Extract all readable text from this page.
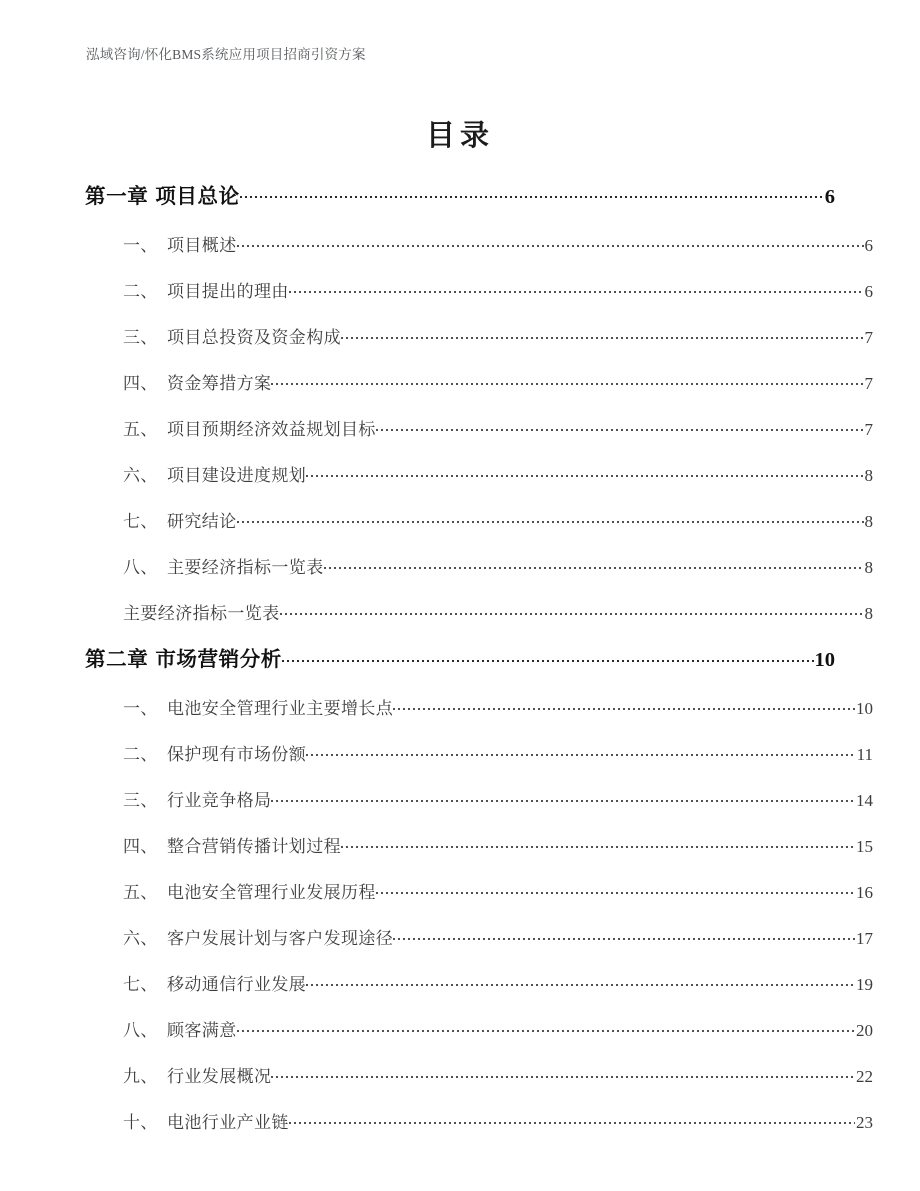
泓域咨询/怀化BMS系统应用项目招商引资方案
目录
第一章 项目总论	6
一、 项目概述	6
二、 项目提出的理由	6
三、 项目总投资及资金构成	7
四、 资金筹措方案	7
五、 项目预期经济效益规划目标	7
六、 项目建设进度规划	8
七、 研究结论	8
八、 主要经济指标一览表	8
主要经济指标一览表	8
第二章 市场营销分析	10
一、 电池安全管理行业主要增长点	10
二、 保护现有市场份额	11
三、 行业竞争格局	14
四、 整合营销传播计划过程	15
五、 电池安全管理行业发展历程	16
六、 客户发展计划与客户发现途径	17
七、 移动通信行业发展	19
八、 顾客满意	20
九、 行业发展概况	22
十、 电池行业产业链	23
